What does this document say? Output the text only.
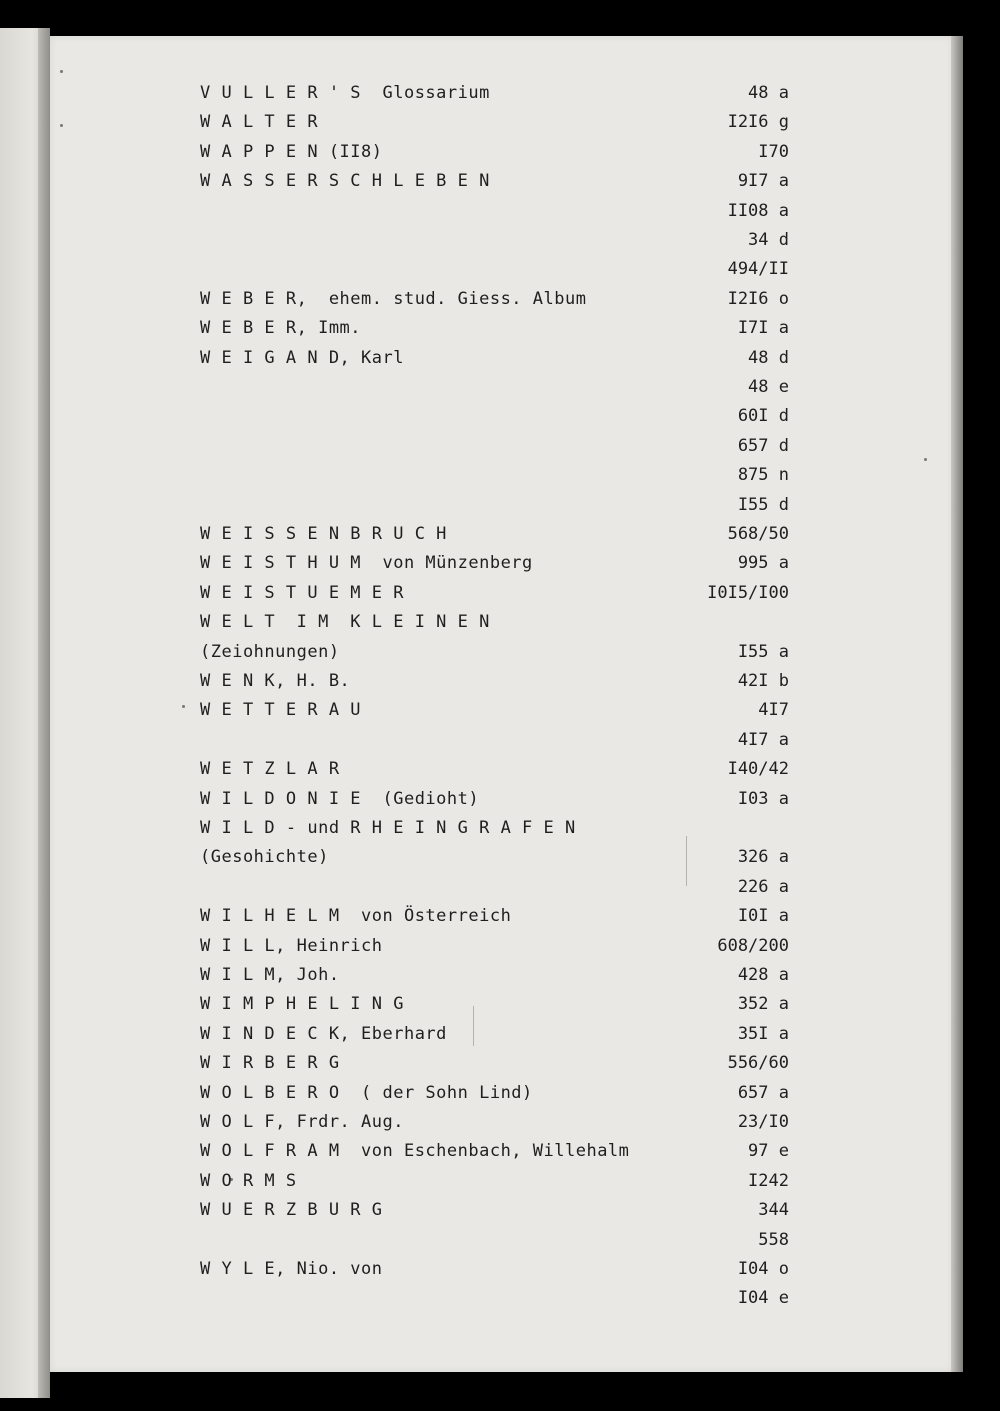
V U L L E R ' S  Glossarium	48 a
W A L T E R	I2I6 g
W A P P E N (II8)	I70
W A S S E R S C H L E B E N	9I7 a
II08 a
34 d
494/II
W E B E R,  ehem. stud. Giess. Album	I2I6 o
W E B E R, Imm.	I7I a
W E I G A N D, Karl	48 d
48 e
60I d
657 d
875 n
I55 d
W E I S S E N B R U C H	568/50
W E I S T H U M  von Münzenberg	995 a
W E I S T U E M E R	I0I5/I00
W E L T  I M  K L E I N E N
(Zeiohnungen)	I55 a
W E N K, H. B.	42I b
W E T T E R A U	4I7
4I7 a
W E T Z L A R	I40/42
W I L D O N I E  (Gedioht)	I03 a
W I L D - und R H E I N G R A F E N
(Gesohichte)	326 a
226 a
W I L H E L M  von Österreich	I0I a
W I L L, Heinrich	608/200
W I L M, Joh.	428 a
W I M P H E L I N G	352 a
W I N D E C K, Eberhard	35I a
W I R B E R G	556/60
W O L B E R O  ( der Sohn Lind)	657 a
W O L F, Frdr. Aug.	23/I0
W O L F R A M  von Eschenbach, Willehalm	97 e
W O R M S	I242
W U E R Z B U R G	344
558
W Y L E, Nio. von	I04 o
I04 e
